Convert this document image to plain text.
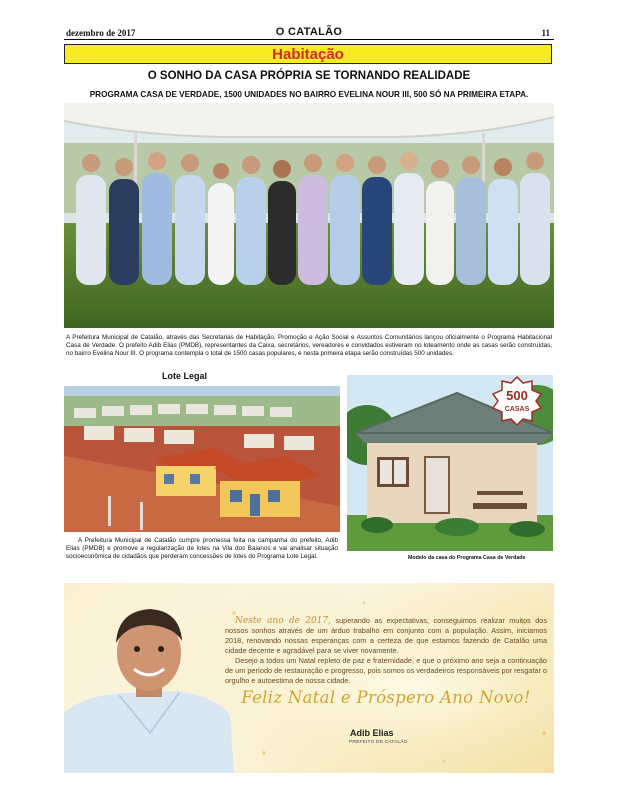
dezembro de 2017	O CATALÃO	11
Habitação
O SONHO DA CASA PRÓPRIA SE TORNANDO REALIDADE
PROGRAMA CASA DE VERDADE, 1500 UNIDADES NO BAIRRO EVELINA NOUR III, 500 SÓ NA PRIMEIRA ETAPA.
A Prefeitura Municipal de Catalão, através das Secretarias de Habitação, Promoção e Ação Social e Assuntos Comunitários lançou oficialmente o Programa Habitacional Casa de Verdade. O prefeito Adib Elias (PMDB), representantes da Caixa, secretários, vereadores e convidados estiveram no loteamento onde as casas serão construídas, no bairro Evelina Nour III. O programa contempla o total de 1500 casas populares, e nesta primeira etapa serão construídas 500 unidades.
Lote Legal
A Prefeitura Municipal de Catalão cumpre promessa feita na campanha do prefeito, Adib Elias (PMDB) e promove a regularização de lotes na Vila dos Baianos e vai analisar situação socioeconômica de cidadãos que perderam concessões de lotes do Programa Lote Legal.
500
CASAS
Modelo da casa do Programa Casa de Verdade

Neste ano de 2017, superando as expectativas, conseguimos realizar muitos dos nossos sonhos através de um árduo trabalho em conjunto com a população. Assim, iniciamos 2018, renovando nossas esperanças com a certeza de que estamos fazendo de Catalão uma cidade decente e agradável para se viver novamente.

Desejo a todos um Natal repleto de paz e fraternidade, e que o próximo ano seja a continuação de um período de restauração e progresso, pois somos os verdadeiros responsáveis por resgatar o orgulho e autoestima de nossa cidade.

Feliz Natal e Próspero Ano Novo!
Adib Elias
PREFEITO DE CATALÃO
